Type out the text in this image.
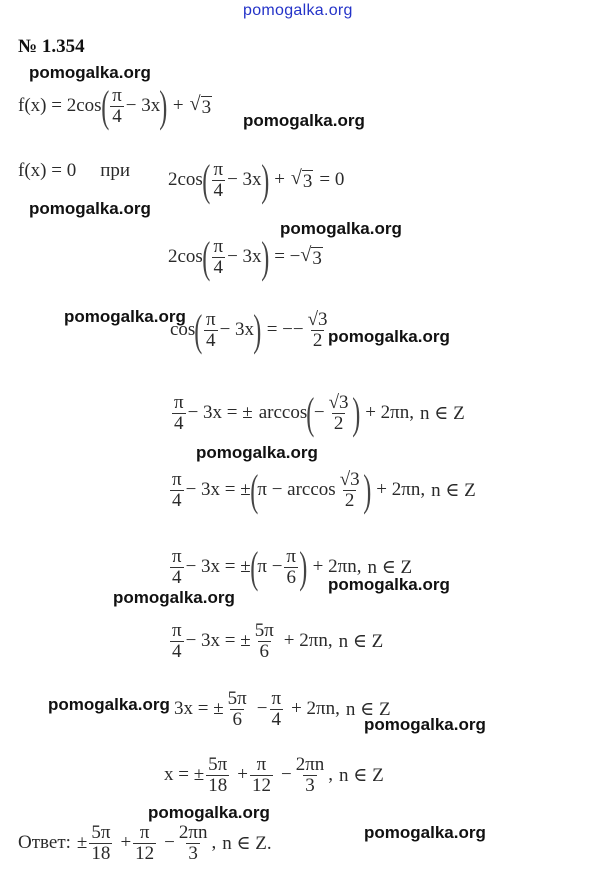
pomogalka.org
№ 1.354
pomogalka.org
f(x) = 2cos ( $\frac{\pi}{4} - 3x$ ) + √ 3
pomogalka.org
f(x) = 0 при 2cos ( $\frac{\pi}{4} - 3x$ ) + √ 3 = 0
pomogalka.org
pomogalka.org
2cos ( $\frac{\pi}{4} - 3x$ ) = − √ 3
pomogalka.org
cos ( $\frac{\pi}{4} - 3x$ ) = −− $\frac{√3}{2}$
pomogalka.org
$\frac{\pi}{4} - 3x$ = ± arccos ( − $\frac{√3}{2}$ ) + 2πn , n ∈ Z
pomogalka.org
$\frac{\pi}{4} - 3x$ = ± ( $\pi - \arccos \frac{√3}{2}$ ) + 2πn , n ∈ Z
$\frac{\pi}{4} - 3x$ = ± ( $\pi - \frac{\pi}{6}$ ) + 2πn , n ∈ Z
pomogalka.org
pomogalka.org
$\frac{\pi}{4} - 3x$ = ± $\frac{5\pi}{6} + 2\pi n$ , n ∈ Z
pomogalka.org 3x = ± $\frac{5\pi}{6} - \frac{\pi}{4} + 2\pi n$ , n ∈ Z
pomogalka.org
x = ± $\frac{5\pi}{18} + \frac{\pi}{12} - \frac{2\pi n}{3}$ , n ∈ Z
pomogalka.org
pomogalka.org
Ответ: ± $\frac{5\pi}{18} + \frac{\pi}{12} - \frac{2\pi n}{3}$ , n ∈ Z.
